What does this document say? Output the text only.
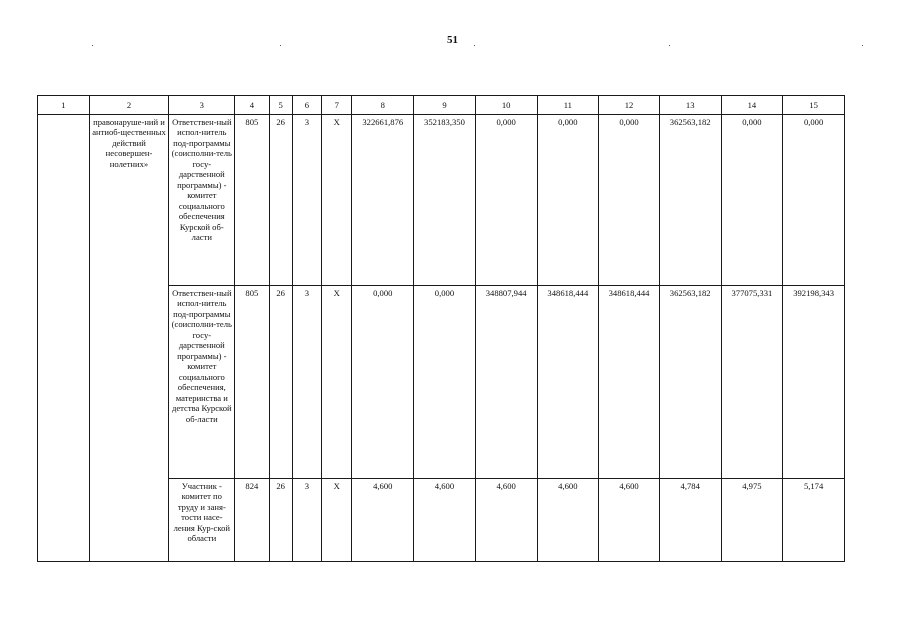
51
1	2	3	4	5	6	7	8	9	10	11	12	13	14	15
	правонаруше-ний и антиоб-щественных действий несовершен-нолетних»	Ответствен-ный испол-нитель под-программы (соисполни-тель госу-дарственной программы) - комитет социального обеспечения Курской об-ласти	805	26	3	X	322661,876	352183,350	0,000	0,000	0,000	362563,182	0,000	0,000
		Ответствен-ный испол-нитель под-программы (соисполни-тель госу-дарственной программы) - комитет социального обеспечения, материнства и детства Курской об-ласти	805	26	3	X	0,000	0,000	348807,944	348618,444	348618,444	362563,182	377075,331	392198,343
		Участник - комитет по труду и заня-тости насе-ления Кур-ской области	824	26	3	X	4,600	4,600	4,600	4,600	4,600	4,784	4,975	5,174
